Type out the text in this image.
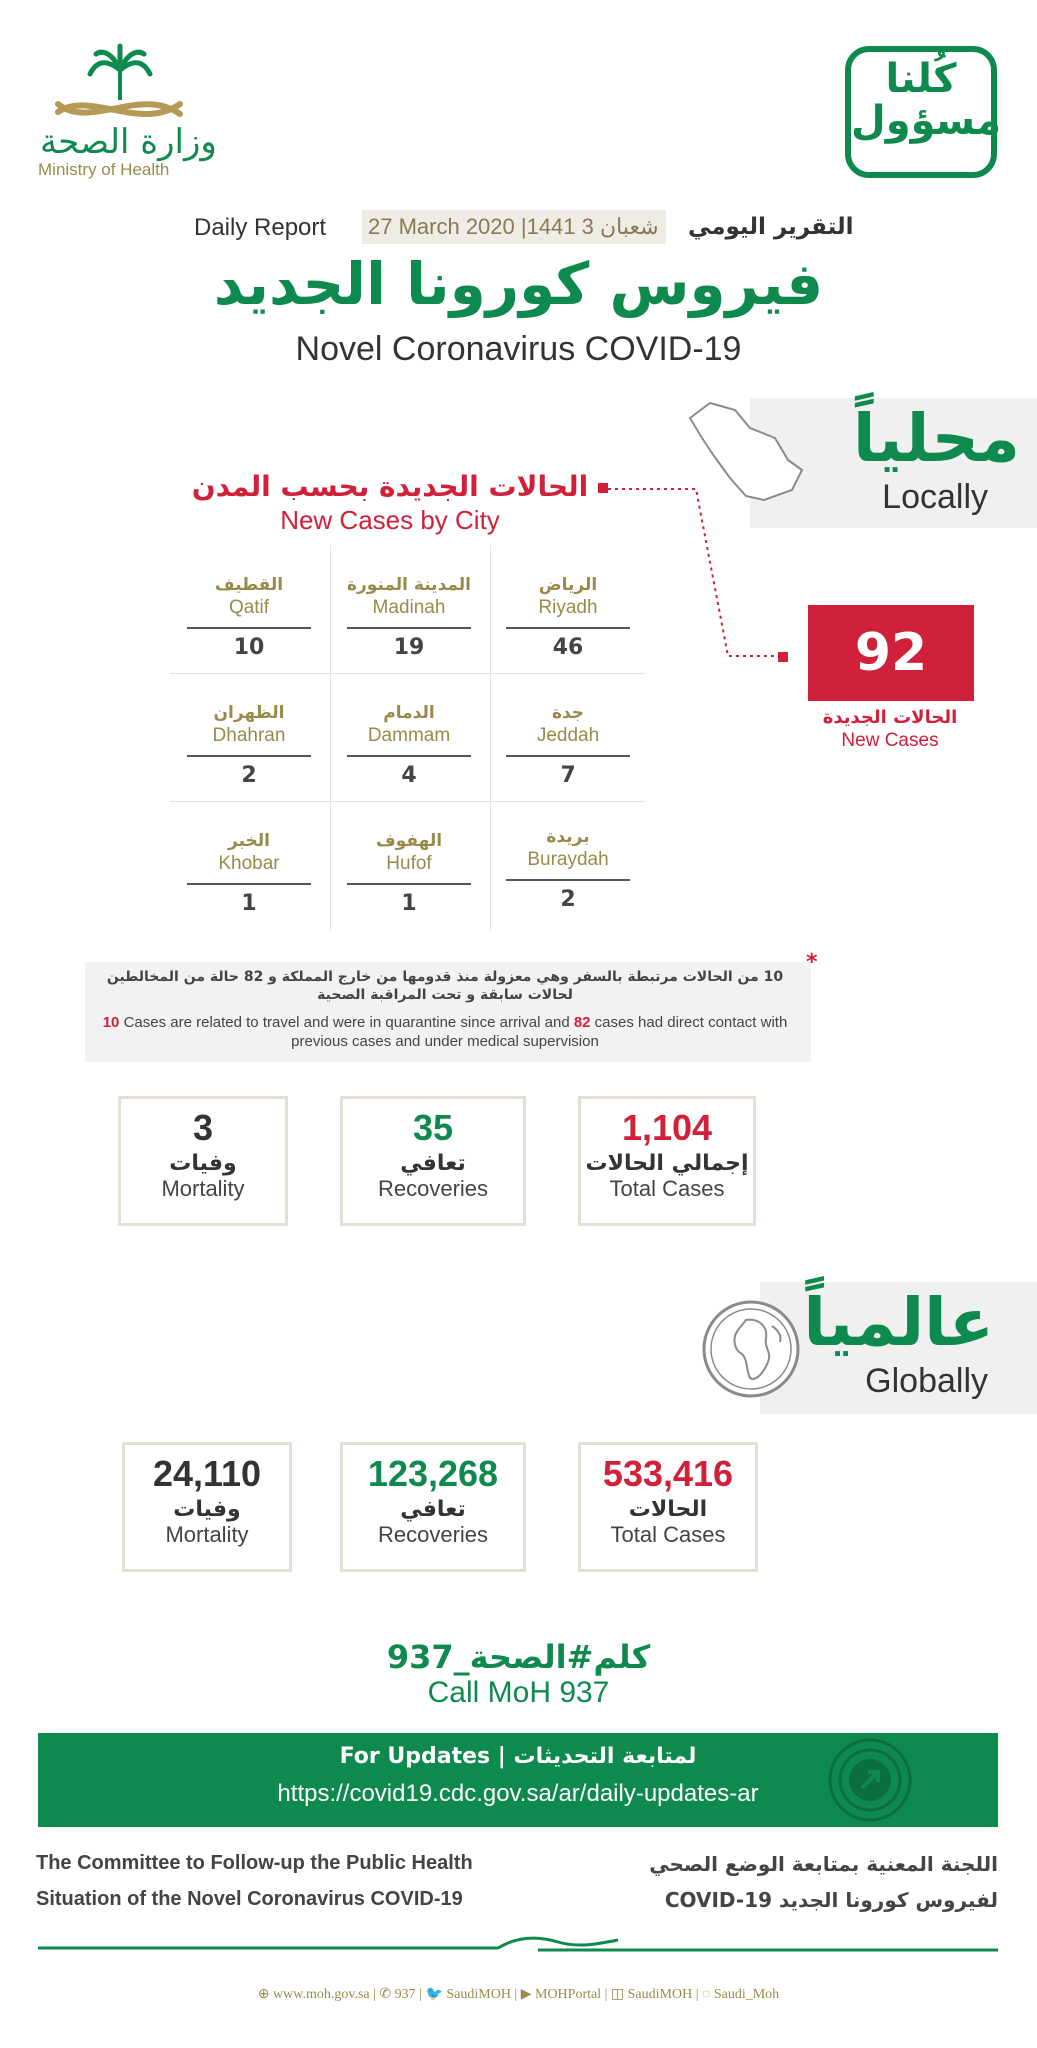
وزارة الصحة
Ministry of Health
كُلنا
مسؤول
Daily Report 27 March 2020 |1441 شعبان 3 التقرير اليومي
فيروس كورونا الجديد
Novel Coronavirus COVID-19
محلياً
Locally
الحالات الجديدة بحسب المدن
New Cases by City
92
الحالات الجديدة
New Cases
الرياض
Riyadh
46
المدينة المنورة
Madinah
19
القطيف
Qatif
10
جدة
Jeddah
7
الدمام
Dammam
4
الظهران
Dhahran
2
بريدة
Buraydah
2
الهفوف
Hufof
1
الخبر
Khobar
1
*
10 من الحالات مرتبطة بالسفر وهي معزولة منذ قدومها من خارج المملكة و 82 حالة من المخالطين لحالات سابقة و تحت المراقبة الصحية
10 Cases are related to travel and were in quarantine since arrival and 82 cases had direct contact with previous cases and under medical supervision
1,104
إجمالي الحالات
Total Cases
35
تعافي
Recoveries
3
وفيات
Mortality
عالمياً
Globally
533,416
الحالات
Total Cases
123,268
تعافي
Recoveries
24,110
وفيات
Mortality
كلم#الصحة_937
Call MoH 937
For Updates | لمتابعة التحديثات
https://covid19.cdc.gov.sa/ar/daily-updates-ar
The Committee to Follow-up the Public Health
Situation of the Novel Coronavirus COVID-19
اللجنة المعنية بمتابعة الوضع الصحي
لفيروس كورونا الجديد COVID-19
⊕ www.moh.gov.sa | ✆ 937 | 🐦 SaudiMOH | ▶ MOHPortal | ◫ SaudiMOH | ◌ Saudi_Moh
